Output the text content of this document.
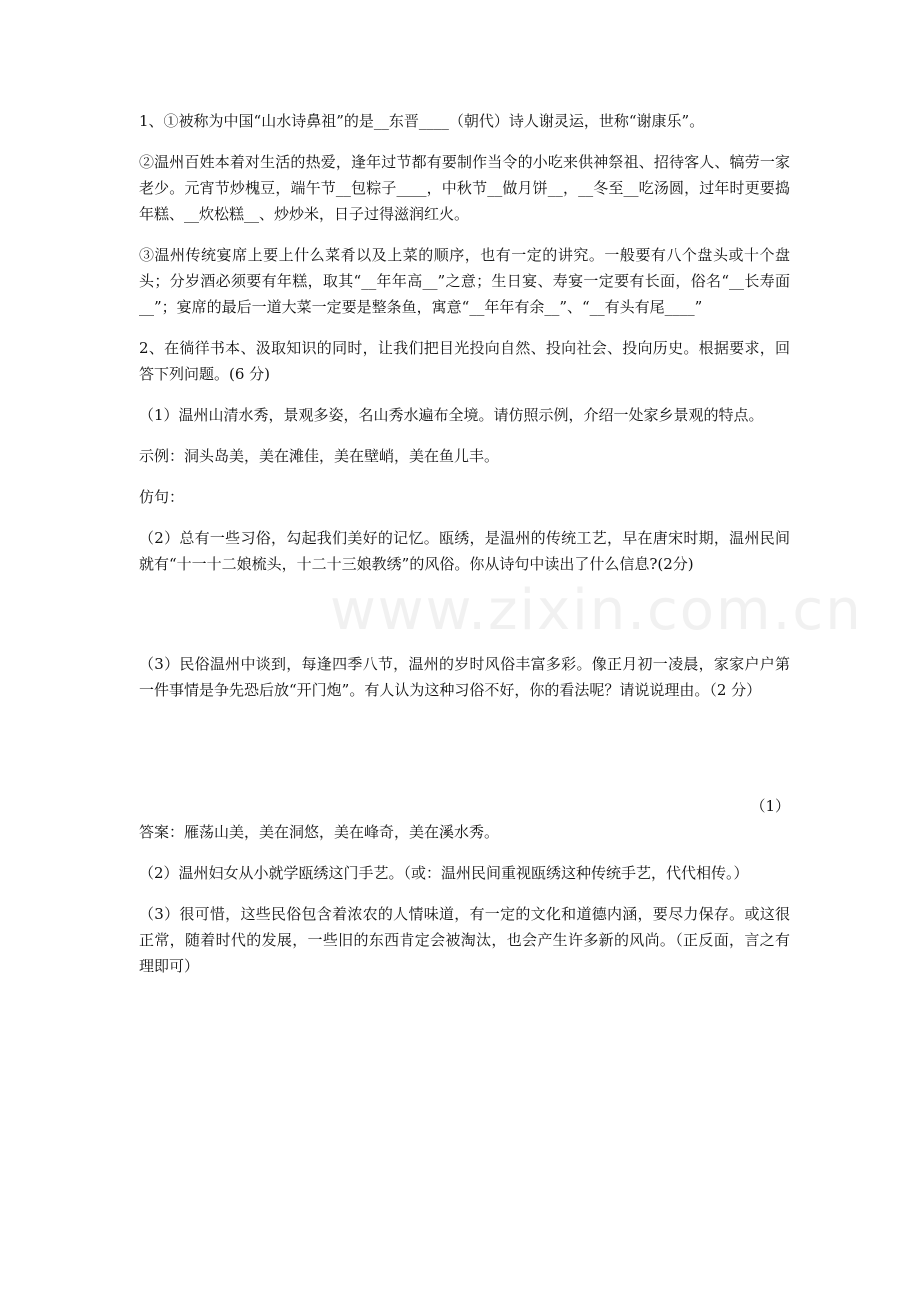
www.zixin.com.cn

1、①被称为中国“山水诗鼻祖”的是__东晋____（朝代）诗人谢灵运，世称“谢康乐”。

②温州百姓本着对生活的热爱，逢年过节都有要制作当令的小吃来供神祭祖、招待客人、犒劳一家老少。元宵节炒槐豆，端午节__包粽子____，中秋节__做月饼__，__冬至__吃汤圆，过年时更要捣年糕、__炊松糕__、炒炒米，日子过得滋润红火。

③温州传统宴席上要上什么菜肴以及上菜的顺序，也有一定的讲究。一般要有八个盘头或十个盘头；分岁酒必须要有年糕，取其“__年年高__”之意；生日宴、寿宴一定要有长面，俗名“__长寿面__”；宴席的最后一道大菜一定要是整条鱼，寓意“__年年有余__”、“__有头有尾____”

2、在徜徉书本、汲取知识的同时，让我们把目光投向自然、投向社会、投向历史。根据要求，回答下列问题。(6 分)

（1）温州山清水秀，景观多姿，名山秀水遍布全境。请仿照示例，介绍一处家乡景观的特点。

示例：洞头岛美，美在滩佳，美在壁峭，美在鱼儿丰。

仿句：

（2）总有一些习俗，勾起我们美好的记忆。瓯绣，是温州的传统工艺，早在唐宋时期，温州民间就有“十一十二娘梳头，十二十三娘教绣”的风俗。你从诗句中读出了什么信息?(2分)

（3）民俗温州中谈到，每逢四季八节，温州的岁时风俗丰富多彩。像正月初一凌晨，家家户户第一件事情是争先恐后放“开门炮”。有人认为这种习俗不好，你的看法呢？请说说理由。（2 分）

（1）

答案：雁荡山美，美在洞悠，美在峰奇，美在溪水秀。

（2）温州妇女从小就学瓯绣这门手艺。（或：温州民间重视瓯绣这种传统手艺，代代相传。）

（3）很可惜，这些民俗包含着浓农的人情味道，有一定的文化和道德内涵，要尽力保存。或这很正常，随着时代的发展，一些旧的东西肯定会被淘汰，也会产生许多新的风尚。（正反面，言之有理即可）
